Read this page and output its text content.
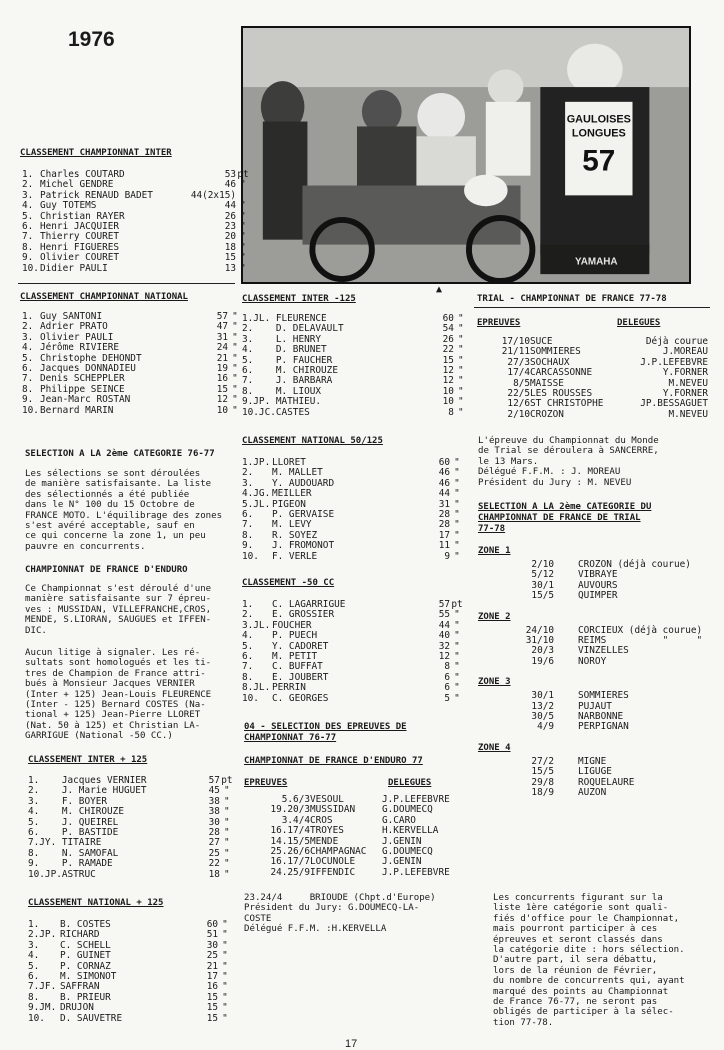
1976
GAULOISES
LONGUES
57
YAMAHA
▲
CLASSEMENT CHAMPIONNAT INTER
1.	Charles COUTARD	53	pt
2.	Michel GENDRE	46	"
3.	Patrick RENAUD BADET	44(2x15)	
4.	Guy TOTEMS	44	"
5.	Christian RAYER	26	"
6.	Henri JACQUIER	23	"
7.	Thierry COURET	20	"
8.	Henri FIGUERES	18	"
9.	Olivier COURET	15	"
10.	Didier PAULI	13	"
CLASSEMENT CHAMPIONNAT NATIONAL
1.	Guy SANTONI	57	"
2.	Adrier PRATO	47	"
3.	Olivier PAULI	31	"
4.	Jérôme RIVIERE	24	"
5.	Christophe DEHONDT	21	"
6.	Jacques DONNADIEU	19	"
7.	Denis SCHEPPLER	16	"
8.	Philippe SEINCE	15	"
9.	Jean-Marc ROSTAN	12	"
10.	Bernard MARIN	10	"
SELECTION A LA 2ème CATEGORIE 76-77
Les sélections se sont déroulées
de manière satisfaisante. La liste
des sélectionnés a été publiée
dans le N° 100 du 15 Octobre de
FRANCE MOTO. L'équilibrage des zones
s'est avéré acceptable, sauf en
ce qui concerne la zone 1, un peu
pauvre en concurrents.
CHAMPIONNAT DE FRANCE D'ENDURO
Ce Championnat s'est déroulé d'une
manière satisfaisante sur 7 épreu-
ves : MUSSIDAN, VILLEFRANCHE,CROS,
MENDE, S.LIORAN, SAUGUES et IFFEN-
DIC.
Aucun litige à signaler. Les ré-
sultats sont homologués et les ti-
tres de Champion de France attri-
bués à Monsieur Jacques VERNIER
(Inter + 125) Jean-Louis FLEURENCE
(Inter - 125) Bernard COSTES (Na-
tional + 125) Jean-Pierre LLORET
(Nat. 50 à 125) et Christian LA-
GARRIGUE (National -50 CC.)
CLASSEMENT INTER + 125
1.	Jacques VERNIER	57	pt
2.	J. Marie HUGUET	45	"
3.	F. BOYER	38	"
4.	M. CHIROUZE	38	"
5.	J. QUEIREL	30	"
6.	P. BASTIDE	28	"
7.JY.	TITAIRE	27	"
8.	N. SAMOFAL	25	"
9.	P. RAMADE	22	"
10.JP.	ASTRUC	18	"
CLASSEMENT NATIONAL + 125
1.	B. COSTES	60	"
2.JP.	RICHARD	51	"
3.	C. SCHELL	30	"
4.	P. GUINET	25	"
5.	P. CORNAZ	21	"
6.	M. SIMONOT	17	"
7.JF.	SAFFRAN	16	"
8.	B. PRIEUR	15	"
9.JM.	DRUJON	15	"
10.	D. SAUVETRE	15	"
CLASSEMENT INTER -125
1.JL.	FLEURENCE	60	"
2.	D. DELAVAULT	54	"
3.	L. HENRY	26	"
4.	D. BRUNET	22	"
5.	P. FAUCHER	15	"
6.	M. CHIROUZE	12	"
7.	J. BARBARA	12	"
8.	M. LIOUX	10	"
9.JP.	MATHIEU.	10	"
10.JC.	CASTES	8	"
CLASSEMENT NATIONAL 50/125
1.JP.	LLORET	60	"
2.	M. MALLET	46	"
3.	Y. AUDOUARD	46	"
4.JG.	MEILLER	44	"
5.JL.	PIGEON	31	"
6.	P. GERVAISE	28	"
7.	M. LEVY	28	"
8.	R. SOYEZ	17	"
9.	J. FROMONOT	11	"
10.	F. VERLE	9	"
CLASSEMENT -50 CC
1.	C. LAGARRIGUE	57	pt
2.	E. GROSSIER	55	"
3.JL.	FOUCHER	44	"
4.	P. PUECH	40	"
5.	Y. CADORET	32	"
6.	M. PETIT	12	"
7.	C. BUFFAT	8	"
8.	E. JOUBERT	6	"
8.JL.	PERRIN	6	"
10.	C. GEORGES	5	"
04 - SELECTION DES EPREUVES DE
CHAMPIONNAT 76-77
CHAMPIONNAT DE FRANCE D'ENDURO 77
EPREUVES	DELEGUES
5.6/3	VESOUL	J.P.LEFEBVRE
19.20/3	MUSSIDAN	G.DOUMECQ
3.4/4	CROS	G.CARO
16.17/4	TROYES	H.KERVELLA
14.15/5	MENDE	J.GENIN
25.26/6	CHAMPAGNAC	G.DOUMECQ
16.17/7	LOCUNOLE	J.GENIN
24.25/9	IFFENDIC	J.P.LEFEBVRE
23.24/4     BRIOUDE (Chpt.d'Europe)
Président du Jury: G.DOUMECQ-LA-
COSTE
Délégué F.F.M. :H.KERVELLA
TRIAL - CHAMPIONNAT DE FRANCE 77-78
EPREUVES	DELEGUES
17/10	SUCE	Déjà courue
21/11	SOMMIERES	J.MOREAU
27/3	SOCHAUX	J.P.LEFEBVRE
17/4	CARCASSONNE	Y.FORNER
8/5	MAISSE	M.NEVEU
22/5	LES ROUSSES	Y.FORNER
12/6	ST CHRISTOPHE	JP.BESSAGUET
2/10	CROZON	M.NEVEU
L'épreuve du Championnat du Monde
de Trial se déroulera à SANCERRE,
le 13 Mars.
Délégué F.F.M. : J. MOREAU
Président du Jury : M. NEVEU
SELECTION A LA 2ème CATEGORIE DU
CHAMPIONNAT DE FRANCE DE TRIAL
77-78
ZONE 1
	2/10	CROZON (déjà courue)
	5/12	VIBRAYE
	30/1	AUVOURS
	15/5	QUIMPER
ZONE 2
	24/10	CORCIEUX (déjà courue)
	31/10	REIMS          "     "
	20/3	VINZELLES
	19/6	NOROY
ZONE 3
	30/1	SOMMIERES
	13/2	PUJAUT
	30/5	NARBONNE
	4/9	PERPIGNAN
ZONE 4
	27/2	MIGNE
	15/5	LIGUGE
	29/8	ROQUELAURE
	18/9	AUZON
Les concurrents figurant sur la
liste 1ère catégorie sont quali-
fiés d'office pour le Championnat,
mais pourront participer à ces
épreuves et seront classés dans
la catégorie dite : hors sélection.
D'autre part, il sera débattu,
lors de la réunion de Février,
du nombre de concurrents qui, ayant
marqué des points au Championnat
de France 76-77, ne seront pas
obligés de participer à la sélec-
tion 77-78.
17
